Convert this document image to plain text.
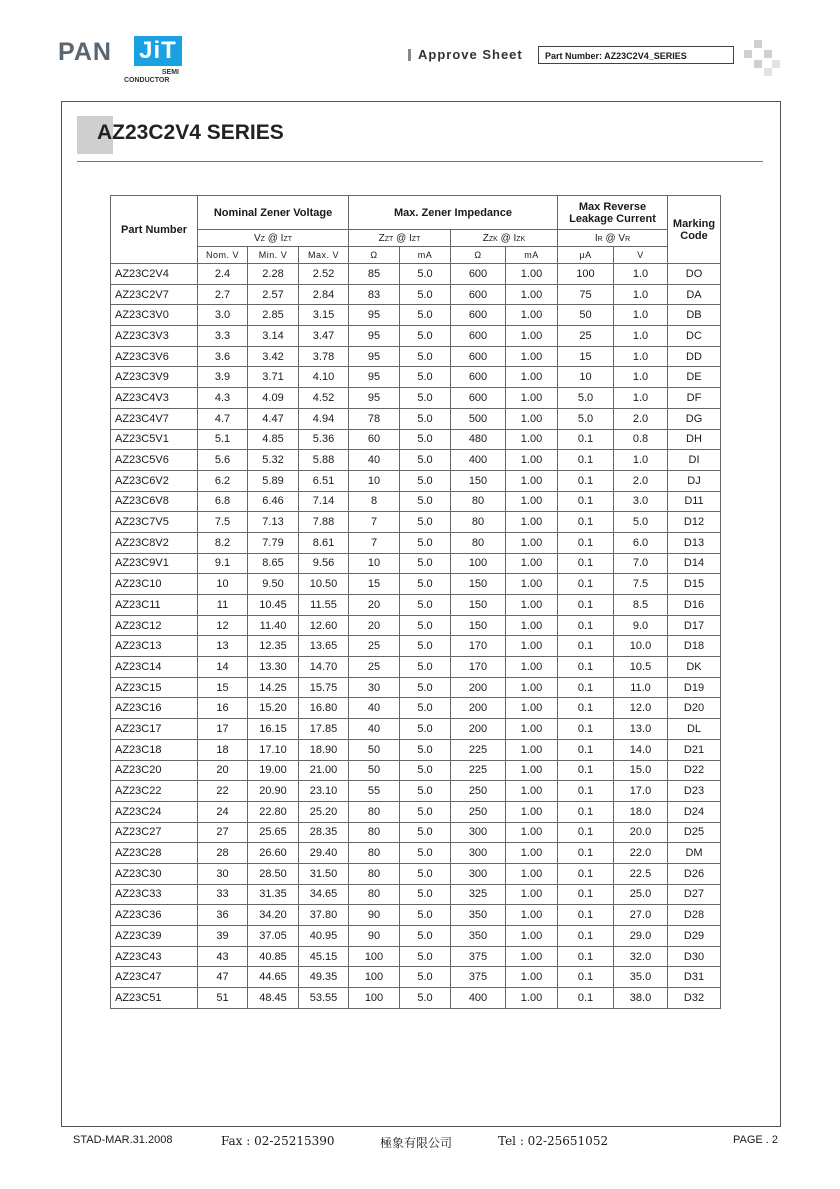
PAN JiT
SEMI
CONDUCTOR
Approve Sheet	Part Number: AZ23C2V4_SERIES
AZ23C2V4 SERIES
Part Number	Nominal Zener Voltage			Max. Zener Impedance				Max Reverse
Leakage Current		Marking
Code
	VZ @ IZT			ZZT @ IZT		ZZK @ IZK		IR @ VR		
	Nom. V	Min. V	Max. V	Ω	mA	Ω	mA	µA	V	
AZ23C2V4	2.4	2.28	2.52	85	5.0	600	1.00	100	1.0	DO
AZ23C2V7	2.7	2.57	2.84	83	5.0	600	1.00	75	1.0	DA
AZ23C3V0	3.0	2.85	3.15	95	5.0	600	1.00	50	1.0	DB
AZ23C3V3	3.3	3.14	3.47	95	5.0	600	1.00	25	1.0	DC
AZ23C3V6	3.6	3.42	3.78	95	5.0	600	1.00	15	1.0	DD
AZ23C3V9	3.9	3.71	4.10	95	5.0	600	1.00	10	1.0	DE
AZ23C4V3	4.3	4.09	4.52	95	5.0	600	1.00	5.0	1.0	DF
AZ23C4V7	4.7	4.47	4.94	78	5.0	500	1.00	5.0	2.0	DG
AZ23C5V1	5.1	4.85	5.36	60	5.0	480	1.00	0.1	0.8	DH
AZ23C5V6	5.6	5.32	5.88	40	5.0	400	1.00	0.1	1.0	DI
AZ23C6V2	6.2	5.89	6.51	10	5.0	150	1.00	0.1	2.0	DJ
AZ23C6V8	6.8	6.46	7.14	8	5.0	80	1.00	0.1	3.0	D11
AZ23C7V5	7.5	7.13	7.88	7	5.0	80	1.00	0.1	5.0	D12
AZ23C8V2	8.2	7.79	8.61	7	5.0	80	1.00	0.1	6.0	D13
AZ23C9V1	9.1	8.65	9.56	10	5.0	100	1.00	0.1	7.0	D14
AZ23C10	10	9.50	10.50	15	5.0	150	1.00	0.1	7.5	D15
AZ23C11	11	10.45	11.55	20	5.0	150	1.00	0.1	8.5	D16
AZ23C12	12	11.40	12.60	20	5.0	150	1.00	0.1	9.0	D17
AZ23C13	13	12.35	13.65	25	5.0	170	1.00	0.1	10.0	D18
AZ23C14	14	13.30	14.70	25	5.0	170	1.00	0.1	10.5	DK
AZ23C15	15	14.25	15.75	30	5.0	200	1.00	0.1	11.0	D19
AZ23C16	16	15.20	16.80	40	5.0	200	1.00	0.1	12.0	D20
AZ23C17	17	16.15	17.85	40	5.0	200	1.00	0.1	13.0	DL
AZ23C18	18	17.10	18.90	50	5.0	225	1.00	0.1	14.0	D21
AZ23C20	20	19.00	21.00	50	5.0	225	1.00	0.1	15.0	D22
AZ23C22	22	20.90	23.10	55	5.0	250	1.00	0.1	17.0	D23
AZ23C24	24	22.80	25.20	80	5.0	250	1.00	0.1	18.0	D24
AZ23C27	27	25.65	28.35	80	5.0	300	1.00	0.1	20.0	D25
AZ23C28	28	26.60	29.40	80	5.0	300	1.00	0.1	22.0	DM
AZ23C30	30	28.50	31.50	80	5.0	300	1.00	0.1	22.5	D26
AZ23C33	33	31.35	34.65	80	5.0	325	1.00	0.1	25.0	D27
AZ23C36	36	34.20	37.80	90	5.0	350	1.00	0.1	27.0	D28
AZ23C39	39	37.05	40.95	90	5.0	350	1.00	0.1	29.0	D29
AZ23C43	43	40.85	45.15	100	5.0	375	1.00	0.1	32.0	D30
AZ23C47	47	44.65	49.35	100	5.0	375	1.00	0.1	35.0	D31
AZ23C51	51	48.45	53.55	100	5.0	400	1.00	0.1	38.0	D32
STAD-MAR.31.2008	Fax : 02-25215390	極象有限公司	Tel : 02-25651052	PAGE . 2
